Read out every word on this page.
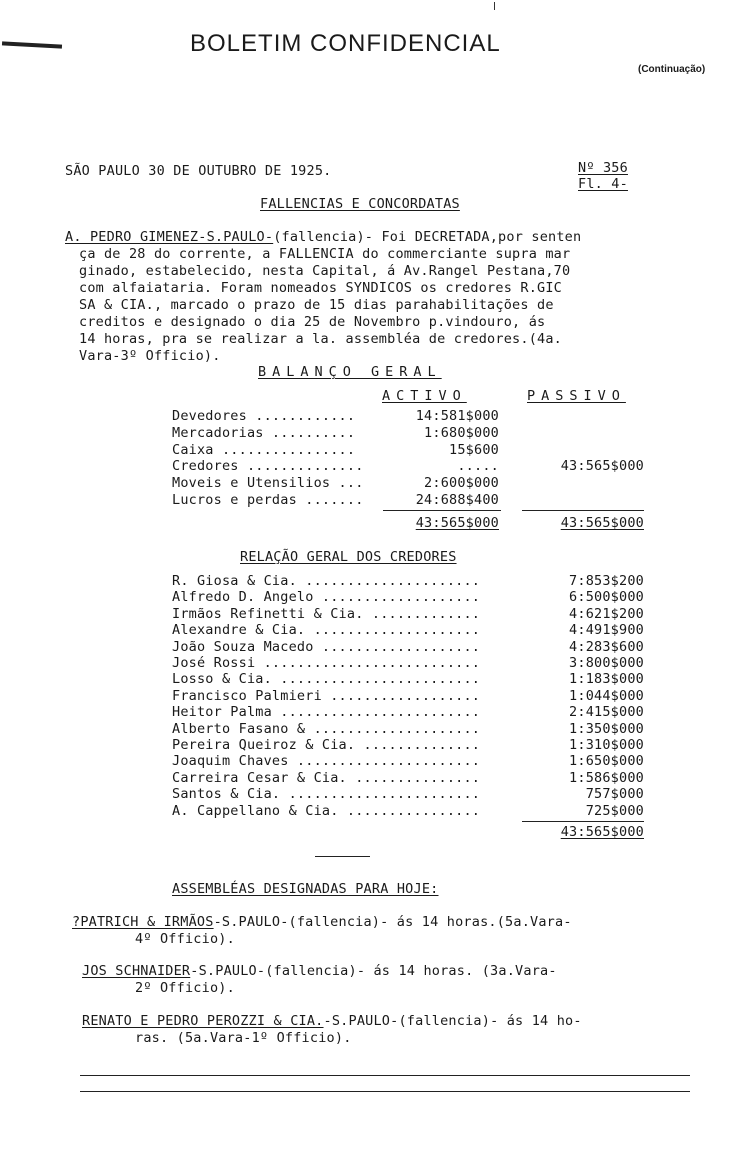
BOLETIM CONFIDENCIAL
(Continuação)
SÃO PAULO 30 DE OUTUBRO DE 1925.	Nº 356
Fl. 4-
FALLENCIAS E CONCORDATAS
A. PEDRO GIMENEZ-S.PAULO-(fallencia)- Foi DECRETADA,por senten
ça de 28 do corrente, a FALLENCIA do commerciante supra mar
ginado, estabelecido, nesta Capital, á Av.Rangel Pestana,70
com alfaiataria. Foram nomeados SYNDICOS os credores R.GIC
SA & CIA., marcado o prazo de 15 dias parahabilitações de
creditos e designado o dia 25 de Novembro p.vindouro, ás
14 horas, pra se realizar a la. assembléa de credores.(4a.
Vara-3º Officio).
BALANÇO GERAL
ACTIVO	PASSIVO
Devedores ............	14:581$000
Mercadorias ..........	1:680$000
Caixa ................	15$600
Credores ..............	.....	43:565$000
Moveis e Utensilios ...	2:600$000
Lucros e perdas .......	24:688$400
43:565$000	43:565$000
RELAÇÃO GERAL DOS CREDORES
R. Giosa & Cia. .....................	7:853$200
Alfredo D. Angelo ...................	6:500$000
Irmãos Refinetti & Cia. .............	4:621$200
Alexandre & Cia. ....................	4:491$900
João Souza Macedo ...................	4:283$600
José Rossi ..........................	3:800$000
Losso & Cia. ........................	1:183$000
Francisco Palmieri ..................	1:044$000
Heitor Palma ........................	2:415$000
Alberto Fasano & ....................	1:350$000
Pereira Queiroz & Cia. ..............	1:310$000
Joaquim Chaves ......................	1:650$000
Carreira Cesar & Cia. ...............	1:586$000
Santos & Cia. .......................	757$000
A. Cappellano & Cia. ................	725$000
43:565$000
ASSEMBLÉAS DESIGNADAS PARA HOJE:
?PATRICH & IRMÃOS-S.PAULO-(fallencia)- ás 14 horas.(5a.Vara-
4º Officio).
JOS SCHNAIDER-S.PAULO-(fallencia)- ás 14 horas. (3a.Vara-
2º Officio).
RENATO E PEDRO PEROZZI & CIA.-S.PAULO-(fallencia)- ás 14 ho-
ras. (5a.Vara-1º Officio).
